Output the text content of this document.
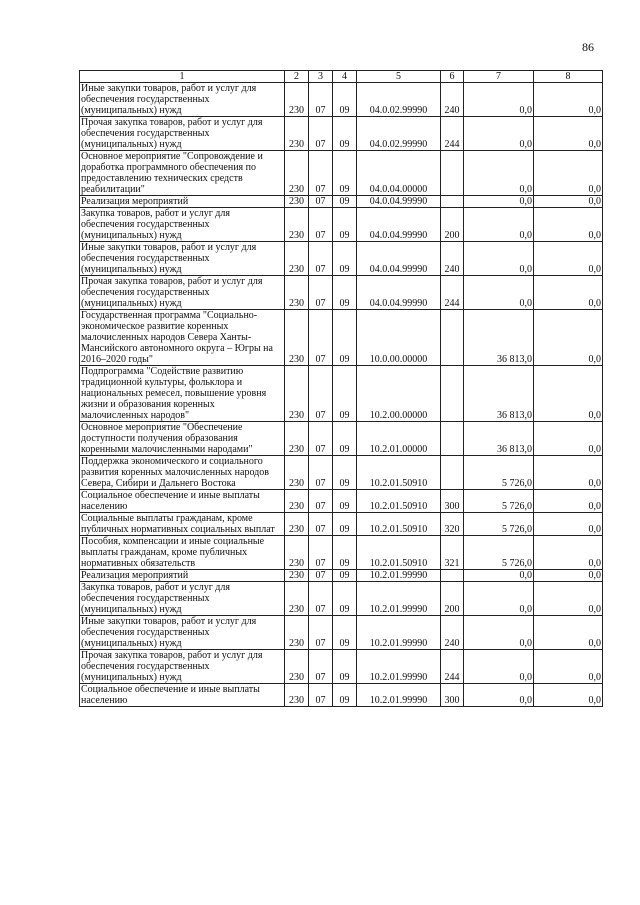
86
1	2	3	4	5	6	7	8
Иные закупки товаров, работ и услуг для обеспечения государственных (муниципальных) нужд	230	07	09	04.0.02.99990	240	0,0	0,0
Прочая закупка товаров, работ и услуг для обеспечения государственных (муниципальных) нужд	230	07	09	04.0.02.99990	244	0,0	0,0
Основное мероприятие "Сопровождение и доработка программного обеспечения по предоставлению технических средств реабилитации"	230	07	09	04.0.04.00000		0,0	0,0
Реализация мероприятий	230	07	09	04.0.04.99990		0,0	0,0
Закупка товаров, работ и услуг для обеспечения государственных (муниципальных) нужд	230	07	09	04.0.04.99990	200	0,0	0,0
Иные закупки товаров, работ и услуг для обеспечения государственных (муниципальных) нужд	230	07	09	04.0.04.99990	240	0,0	0,0
Прочая закупка товаров, работ и услуг для обеспечения государственных (муниципальных) нужд	230	07	09	04.0.04.99990	244	0,0	0,0
Государственная программа "Социально-экономическое развитие коренных малочисленных народов Севера Ханты-Мансийского автономного округа – Югры на 2016–2020 годы"	230	07	09	10.0.00.00000		36 813,0	0,0
Подпрограмма "Содействие развитию традиционной культуры, фольклора и национальных ремесел, повышение уровня жизни и образования коренных малочисленных народов"	230	07	09	10.2.00.00000		36 813,0	0,0
Основное мероприятие "Обеспечение доступности получения образования коренными малочисленными народами"	230	07	09	10.2.01.00000		36 813,0	0,0
Поддержка экономического и социального развития коренных малочисленных народов Севера, Сибири и Дальнего Востока	230	07	09	10.2.01.50910		5 726,0	0,0
Социальное обеспечение и иные выплаты населению	230	07	09	10.2.01.50910	300	5 726,0	0,0
Социальные выплаты гражданам, кроме публичных нормативных социальных выплат	230	07	09	10.2.01.50910	320	5 726,0	0,0
Пособия, компенсации и иные социальные выплаты гражданам, кроме публичных нормативных обязательств	230	07	09	10.2.01.50910	321	5 726,0	0,0
Реализация мероприятий	230	07	09	10.2.01.99990		0,0	0,0
Закупка товаров, работ и услуг для обеспечения государственных (муниципальных) нужд	230	07	09	10.2.01.99990	200	0,0	0,0
Иные закупки товаров, работ и услуг для обеспечения государственных (муниципальных) нужд	230	07	09	10.2.01.99990	240	0,0	0,0
Прочая закупка товаров, работ и услуг для обеспечения государственных (муниципальных) нужд	230	07	09	10.2.01.99990	244	0,0	0,0
Социальное обеспечение и иные выплаты населению	230	07	09	10.2.01.99990	300	0,0	0,0
